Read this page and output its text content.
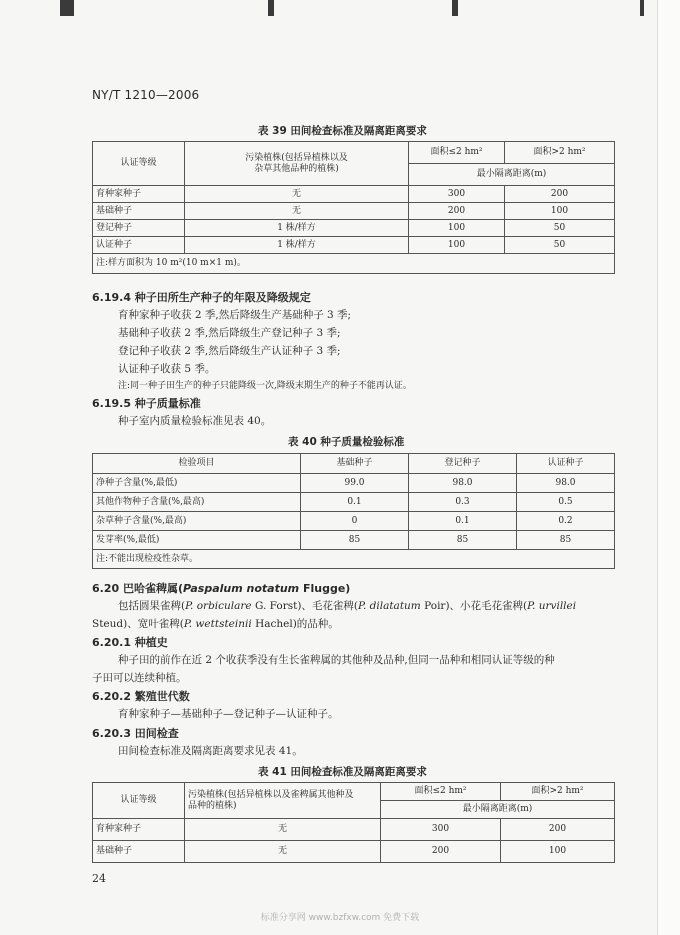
NY/T 1210—2006
表 39 田间检查标准及隔离距离要求
认证等级	污染植株(包括异植株以及
杂草其他品种的植株)	面积≤2 hm²	面积>2 hm²
		最小隔离距离(m)	
育种家种子	无	300	200
基础种子	无	200	100
登记种子	1 株/样方	100	50
认证种子	1 株/样方	100	50
注:样方面积为 10 m²(10 m×1 m)。			
6.19.4 种子田所生产种子的年限及降级规定
育种家种子收获 2 季,然后降级生产基础种子 3 季;
基础种子收获 2 季,然后降级生产登记种子 3 季;
登记种子收获 2 季,然后降级生产认证种子 3 季;
认证种子收获 5 季。
注:同一种子田生产的种子只能降级一次,降级末期生产的种子不能再认证。
6.19.5 种子质量标准
种子室内质量检验标准见表 40。
表 40 种子质量检验标准
检验项目	基础种子	登记种子	认证种子
净种子含量(%,最低)	99.0	98.0	98.0
其他作物种子含量(%,最高)	0.1	0.3	0.5
杂草种子含量(%,最高)	0	0.1	0.2
发芽率(%,最低)	85	85	85
注:不能出现检疫性杂草。			
6.20 巴哈雀稗属(Paspalum notatum Flugge)
包括圆果雀稗(P. orbiculare G. Forst)、毛花雀稗(P. dilatatum Poir)、小花毛花雀稗(P. urvillei
Steud)、宽叶雀稗(P. wettsteinii Hachel)的品种。
6.20.1 种植史
种子田的前作在近 2 个收获季没有生长雀稗属的其他种及品种,但同一品种和相同认证等级的种
子田可以连续种植。
6.20.2 繁殖世代数
育种家种子—基础种子—登记种子—认证种子。
6.20.3 田间检查
田间检查标准及隔离距离要求见表 41。
表 41 田间检查标准及隔离距离要求
认证等级	污染植株(包括异植株以及雀稗属其他种及
品种的植株)	面积≤2 hm²	面积>2 hm²
		最小隔离距离(m)	
育种家种子	无	300	200
基础种子	无	200	100
24
标准分享网 www.bzfxw.com 免费下载
